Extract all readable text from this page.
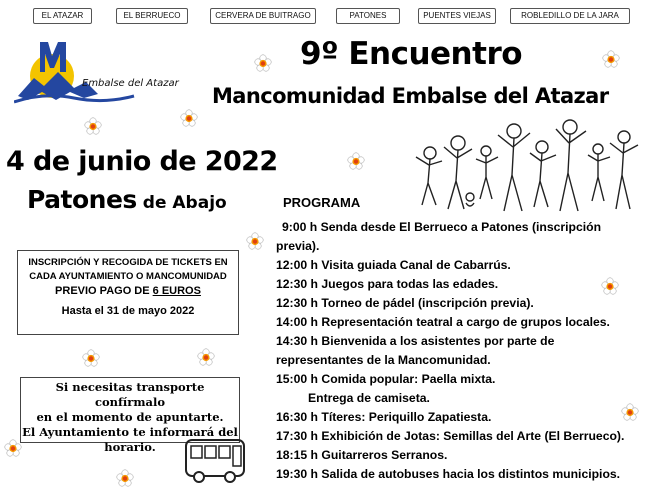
EL ATAZAR	EL BERRUECO	CERVERA DE BUITRAGO	PATONES	PUENTES VIEJAS	ROBLEDILLO DE LA JARA
Embalse del Atazar
9º Encuentro
Mancomunidad Embalse del Atazar
4 de junio de 2022
Patones de Abajo
INSCRIPCIÓN Y RECOGIDA DE TICKETS EN
CADA AYUNTAMIENTO O MANCOMUNIDAD
PREVIO PAGO DE 6 EUROS
Hasta el 31 de mayo 2022
Si necesitas transporte confírmalo
en el momento de apuntarte.
El Ayuntamiento te informará del
horario.
PROGRAMA
9:00 h Senda desde El Berrueco a Patones (inscripción
previa).
12:00 h Visita guiada Canal de Cabarrús.
12:30 h Juegos para todas las edades.
12:30 h Torneo de pádel (inscripción previa).
14:00 h Representación teatral a cargo de grupos locales.
14:30 h Bienvenida a los asistentes por parte de
representantes de la Mancomunidad.
15:00 h Comida popular: Paella mixta.
Entrega de camiseta.
16:30 h Títeres: Periquillo Zapatiesta.
17:30 h Exhibición de Jotas: Semillas del Arte (El Berrueco).
18:15 h Guitarreros Serranos.
19:30 h Salida de autobuses hacia los distintos municipios.
